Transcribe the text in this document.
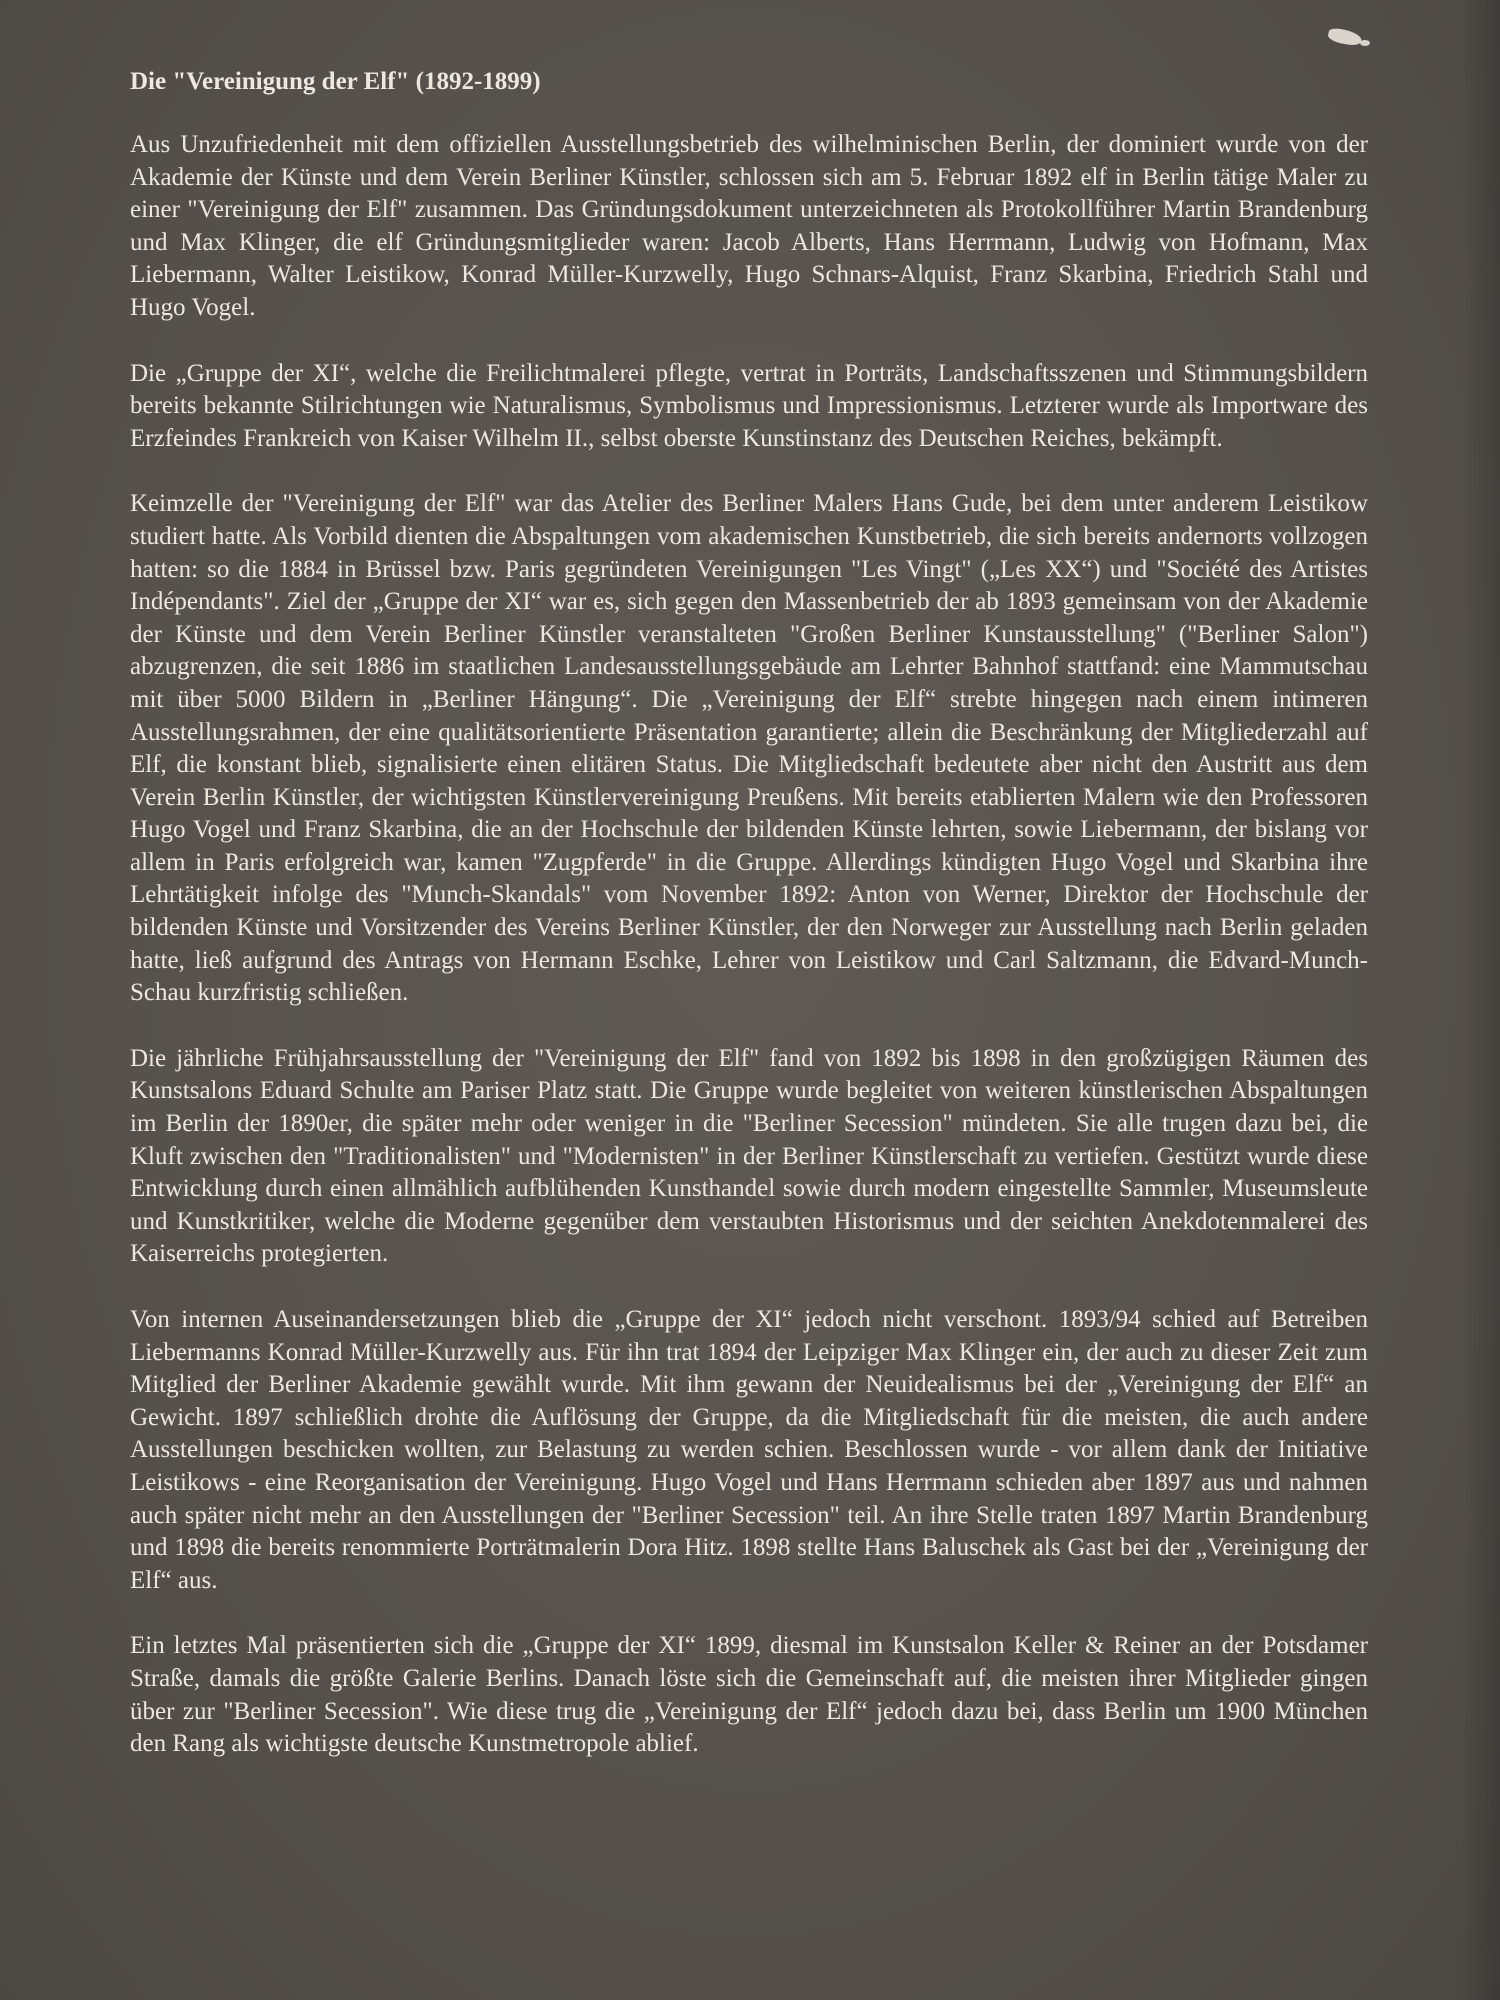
Die "Vereinigung der Elf" (1892-1899)

Aus Unzufriedenheit mit dem offiziellen Ausstellungsbetrieb des wilhelminischen Berlin, der dominiert wurde von der Akademie der Künste und dem Verein Berliner Künstler, schlossen sich am 5. Februar 1892 elf in Berlin tätige Maler zu einer "Vereinigung der Elf" zusammen. Das Gründungsdokument unterzeichneten als Protokollführer Martin Brandenburg und Max Klinger, die elf Gründungsmitglieder waren: Jacob Alberts, Hans Herrmann, Ludwig von Hofmann, Max Liebermann, Walter Leistikow, Konrad Müller-Kurzwelly, Hugo Schnars-Alquist, Franz Skarbina, Friedrich Stahl und Hugo Vogel.

Die „Gruppe der XI“, welche die Freilichtmalerei pflegte, vertrat in Porträts, Landschaftsszenen und Stimmungsbildern bereits bekannte Stilrichtungen wie Naturalismus, Symbolismus und Impressionismus. Letzterer wurde als Importware des Erzfeindes Frankreich von Kaiser Wilhelm II., selbst oberste Kunstinstanz des Deutschen Reiches, bekämpft.

Keimzelle der "Vereinigung der Elf" war das Atelier des Berliner Malers Hans Gude, bei dem unter anderem Leistikow studiert hatte. Als Vorbild dienten die Abspaltungen vom akademischen Kunstbetrieb, die sich bereits andernorts vollzogen hatten: so die 1884 in Brüssel bzw. Paris gegründeten Vereinigungen "Les Vingt" („Les XX“) und "Société des Artistes Indépendants". Ziel der „Gruppe der XI“ war es, sich gegen den Massenbetrieb der ab 1893 gemeinsam von der Akademie der Künste und dem Verein Berliner Künstler veranstalteten "Großen Berliner Kunstausstellung" ("Berliner Salon") abzugrenzen, die seit 1886 im staatlichen Landesausstellungsgebäude am Lehrter Bahnhof stattfand: eine Mammutschau mit über 5000 Bildern in „Berliner Hängung“. Die „Vereinigung der Elf“ strebte hingegen nach einem intimeren Ausstellungsrahmen, der eine qualitätsorientierte Präsentation garantierte; allein die Beschränkung der Mitgliederzahl auf Elf, die konstant blieb, signalisierte einen elitären Status. Die Mitgliedschaft bedeutete aber nicht den Austritt aus dem Verein Berlin Künstler, der wichtigsten Künstlervereinigung Preußens. Mit bereits etablierten Malern wie den Professoren Hugo Vogel und Franz Skarbina, die an der Hochschule der bildenden Künste lehrten, sowie Liebermann, der bislang vor allem in Paris erfolgreich war, kamen "Zugpferde" in die Gruppe. Allerdings kündigten Hugo Vogel und Skarbina ihre Lehrtätigkeit infolge des "Munch-Skandals" vom November 1892: Anton von Werner, Direktor der Hochschule der bildenden Künste und Vorsitzender des Vereins Berliner Künstler, der den Norweger zur Ausstellung nach Berlin geladen hatte, ließ aufgrund des Antrags von Hermann Eschke, Lehrer von Leistikow und Carl Saltzmann, die Edvard-Munch-Schau kurzfristig schließen.

Die jährliche Frühjahrsausstellung der "Vereinigung der Elf" fand von 1892 bis 1898 in den großzügigen Räumen des Kunstsalons Eduard Schulte am Pariser Platz statt. Die Gruppe wurde begleitet von weiteren künstlerischen Abspaltungen im Berlin der 1890er, die später mehr oder weniger in die "Berliner Secession" mündeten. Sie alle trugen dazu bei, die Kluft zwischen den "Traditionalisten" und "Modernisten" in der Berliner Künstlerschaft zu vertiefen. Gestützt wurde diese Entwicklung durch einen allmählich aufblühenden Kunsthandel sowie durch modern eingestellte Sammler, Museumsleute und Kunstkritiker, welche die Moderne gegenüber dem verstaubten Historismus und der seichten Anekdotenmalerei des Kaiserreichs protegierten.

Von internen Auseinandersetzungen blieb die „Gruppe der XI“ jedoch nicht verschont. 1893/94 schied auf Betreiben Liebermanns Konrad Müller-Kurzwelly aus. Für ihn trat 1894 der Leipziger Max Klinger ein, der auch zu dieser Zeit zum Mitglied der Berliner Akademie gewählt wurde. Mit ihm gewann der Neuidealismus bei der „Vereinigung der Elf“ an Gewicht. 1897 schließlich drohte die Auflösung der Gruppe, da die Mitgliedschaft für die meisten, die auch andere Ausstellungen beschicken wollten, zur Belastung zu werden schien. Beschlossen wurde - vor allem dank der Initiative Leistikows - eine Reorganisation der Vereinigung. Hugo Vogel und Hans Herrmann schieden aber 1897 aus und nahmen auch später nicht mehr an den Ausstellungen der "Berliner Secession" teil. An ihre Stelle traten 1897 Martin Brandenburg und 1898 die bereits renommierte Porträtmalerin Dora Hitz. 1898 stellte Hans Baluschek als Gast bei der „Vereinigung der Elf“ aus.

Ein letztes Mal präsentierten sich die „Gruppe der XI“ 1899, diesmal im Kunstsalon Keller & Reiner an der Potsdamer Straße, damals die größte Galerie Berlins. Danach löste sich die Gemeinschaft auf, die meisten ihrer Mitglieder gingen über zur "Berliner Secession". Wie diese trug die „Vereinigung der Elf“ jedoch dazu bei, dass Berlin um 1900 München den Rang als wichtigste deutsche Kunstmetropole ablief.
